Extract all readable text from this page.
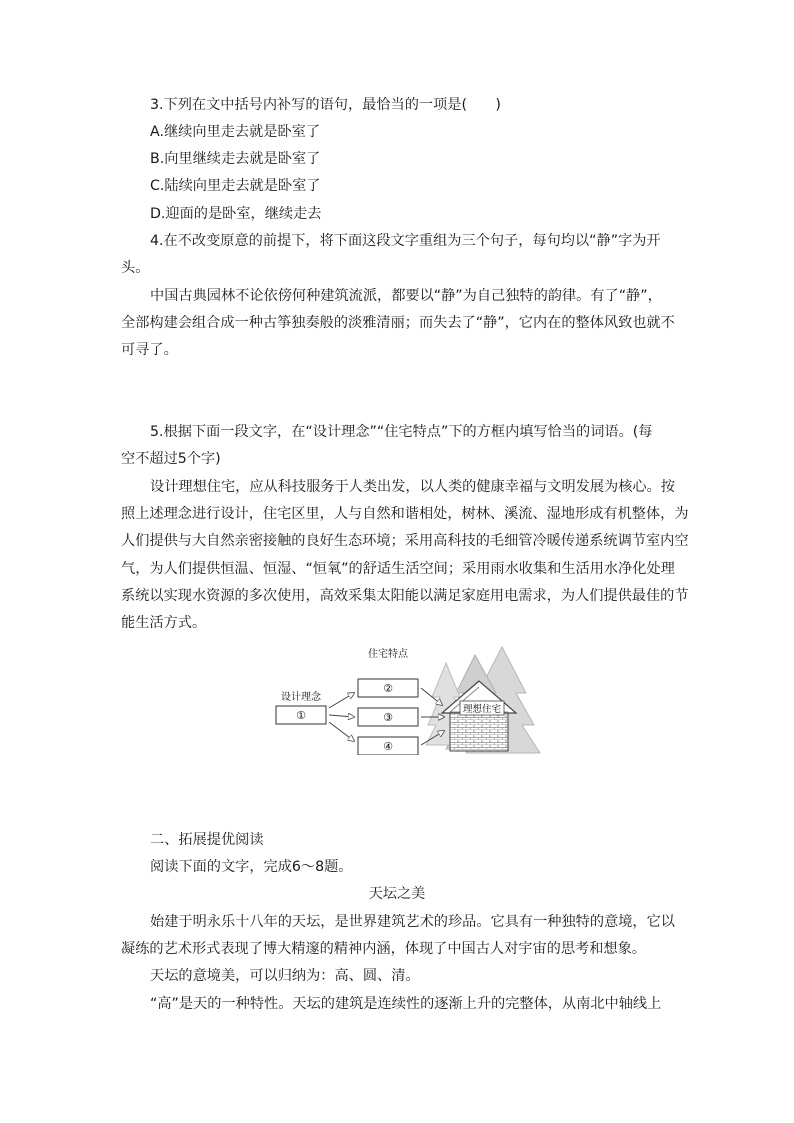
3.下列在文中括号内补写的语句，最恰当的一项是(　　)
A.继续向里走去就是卧室了
B.向里继续走去就是卧室了
C.陆续向里走去就是卧室了
D.迎面的是卧室，继续走去
4.在不改变原意的前提下，将下面这段文字重组为三个句子，每句均以“静”字为开
头。
中国古典园林不论依傍何种建筑流派，都要以“静”为自己独特的韵律。有了“静”，
全部构建会组合成一种古筝独奏般的淡雅清丽；而失去了“静”，它内在的整体风致也就不
可寻了。
5.根据下面一段文字，在“设计理念”“住宅特点”下的方框内填写恰当的词语。(每
空不超过5个字)
设计理想住宅，应从科技服务于人类出发，以人类的健康幸福与文明发展为核心。按
照上述理念进行设计，住宅区里，人与自然和谐相处，树林、溪流、湿地形成有机整体，为
人们提供与大自然亲密接触的良好生态环境；采用高科技的毛细管冷暖传递系统调节室内空
气，为人们提供恒温、恒湿、“恒氧”的舒适生活空间；采用雨水收集和生活用水净化处理
系统以实现水资源的多次使用，高效采集太阳能以满足家庭用电需求，为人们提供最佳的节
能生活方式。
理想住宅
设计理念
①
住宅特点
②
③
④
二、拓展提优阅读
阅读下面的文字，完成6～8题。
天坛之美
始建于明永乐十八年的天坛，是世界建筑艺术的珍品。它具有一种独特的意境，它以
凝练的艺术形式表现了博大精邃的精神内涵，体现了中国古人对宇宙的思考和想象。
天坛的意境美，可以归纳为：高、圆、清。
“高”是天的一种特性。天坛的建筑是连续性的逐渐上升的完整体，从南北中轴线上
